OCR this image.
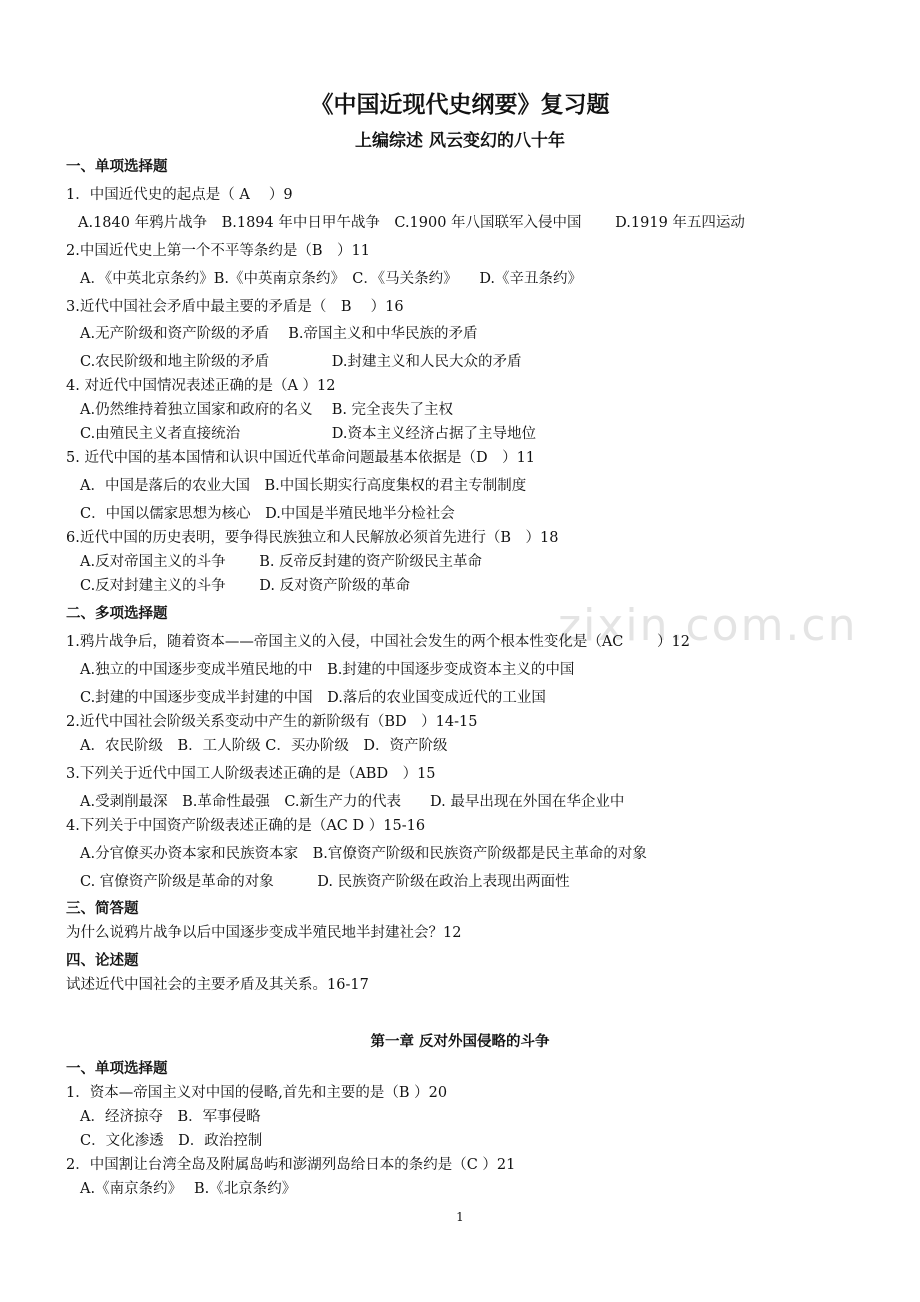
zixin.com.cn
《中国近现代史纲要》复习题
上编综述 风云变幻的八十年
一、单项选择题
1．中国近代史的起点是（ A　 ）9
A.1840 年鸦片战争　B.1894 年中日甲午战争　C.1900 年八国联军入侵中国　　 D.1919 年五四运动
2.中国近代史上第一个不平等条约是（B　）11
A．《中英北京条约》B.《中英南京条约》　C．《马关条约》　　D.《辛丑条约》
3.近代中国社会矛盾中最主要的矛盾是（　B　 ）16
A.无产阶级和资产阶级的矛盾　 B.帝国主义和中华民族的矛盾
C.农民阶级和地主阶级的矛盾　　　　 D.封建主义和人民大众的矛盾
4. 对近代中国情况表述正确的是（A ）12
A.仍然维持着独立国家和政府的名义　 B. 完全丧失了主权
C.由殖民主义者直接统治　　　　　　 D.资本主义经济占据了主导地位
5. 近代中国的基本国情和认识中国近代革命问题最基本依据是（D　）11
A．中国是落后的农业大国　B.中国长期实行高度集权的君主专制制度
C．中国以儒家思想为核心　D.中国是半殖民地半分检社会
6.近代中国的历史表明，要争得民族独立和人民解放必须首先进行（B　）18
A.反对帝国主义的斗争　　 B. 反帝反封建的资产阶级民主革命
C.反对封建主义的斗争　　 D. 反对资产阶级的革命
二、多项选择题
1.鸦片战争后，随着资本——帝国主义的入侵，中国社会发生的两个根本性变化是（AC　　 ）12
A.独立的中国逐步变成半殖民地的中　B.封建的中国逐步变成资本主义的中国
C.封建的中国逐步变成半封建的中国　D.落后的农业国变成近代的工业国
2.近代中国社会阶级关系变动中产生的新阶级有（BD　）14-15
A．农民阶级　B．工人阶级 C．买办阶级　D．资产阶级
3.下列关于近代中国工人阶级表述正确的是（ABD　）15
A.受剥削最深　B.革命性最强　C.新生产力的代表　　D. 最早出现在外国在华企业中
4.下列关于中国资产阶级表述正确的是（AC D ）15-16
A.分官僚买办资本家和民族资本家　B.官僚资产阶级和民族资产阶级都是民主革命的对象
C. 官僚资产阶级是革命的对象　　　D. 民族资产阶级在政治上表现出两面性
三、简答题
为什么说鸦片战争以后中国逐步变成半殖民地半封建社会？12
四、论述题
试述近代中国社会的主要矛盾及其关系。16-17
第一章 反对外国侵略的斗争
一、单项选择题
1．资本—帝国主义对中国的侵略,首先和主要的是（B ）20
A．经济掠夺　B．军事侵略
C．文化渗透　D．政治控制
2．中国割让台湾全岛及附属岛屿和澎湖列岛给日本的条约是（C ）21
A.《南京条约》　 B.《北京条约》
1
